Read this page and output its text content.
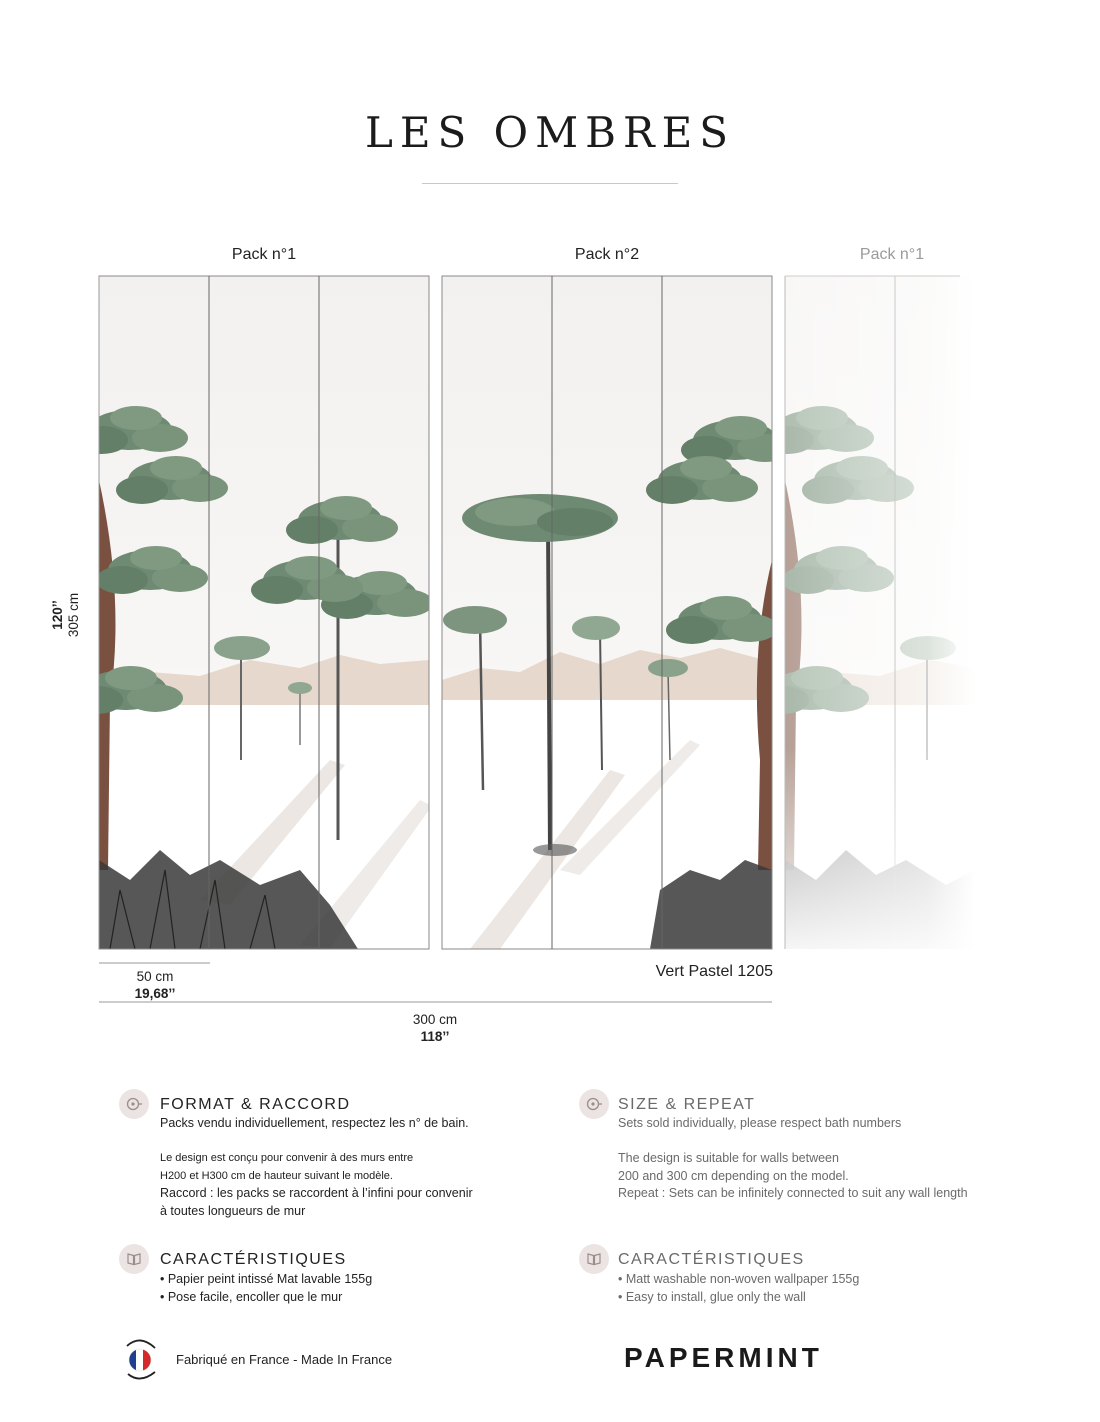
LES OMBRES
Pack n°1	Pack n°2	Pack n°1
120’’ 305 cm
50 cm
19,68’’
Vert Pastel 1205
300 cm
118’’
FORMAT & RACCORD
Packs vendu individuellement, respectez les n° de bain.
Le design est conçu pour convenir à des murs entre
H200 et H300 cm de hauteur suivant le modèle.
Raccord : les packs se raccordent à l’infini pour convenir
à toutes longueurs de mur
SIZE & REPEAT
Sets sold individually, please respect bath numbers
The design is suitable for walls between
200 and 300 cm depending on the model.
Repeat : Sets can be infinitely connected to suit any wall length
CARACTÉRISTIQUES
• Papier peint intissé Mat lavable 155g
• Pose facile, encoller que le mur
CARACTÉRISTIQUES
• Matt washable non-woven wallpaper 155g
• Easy to install, glue only the wall
Fabriqué en France - Made In France	PAPERMINT
